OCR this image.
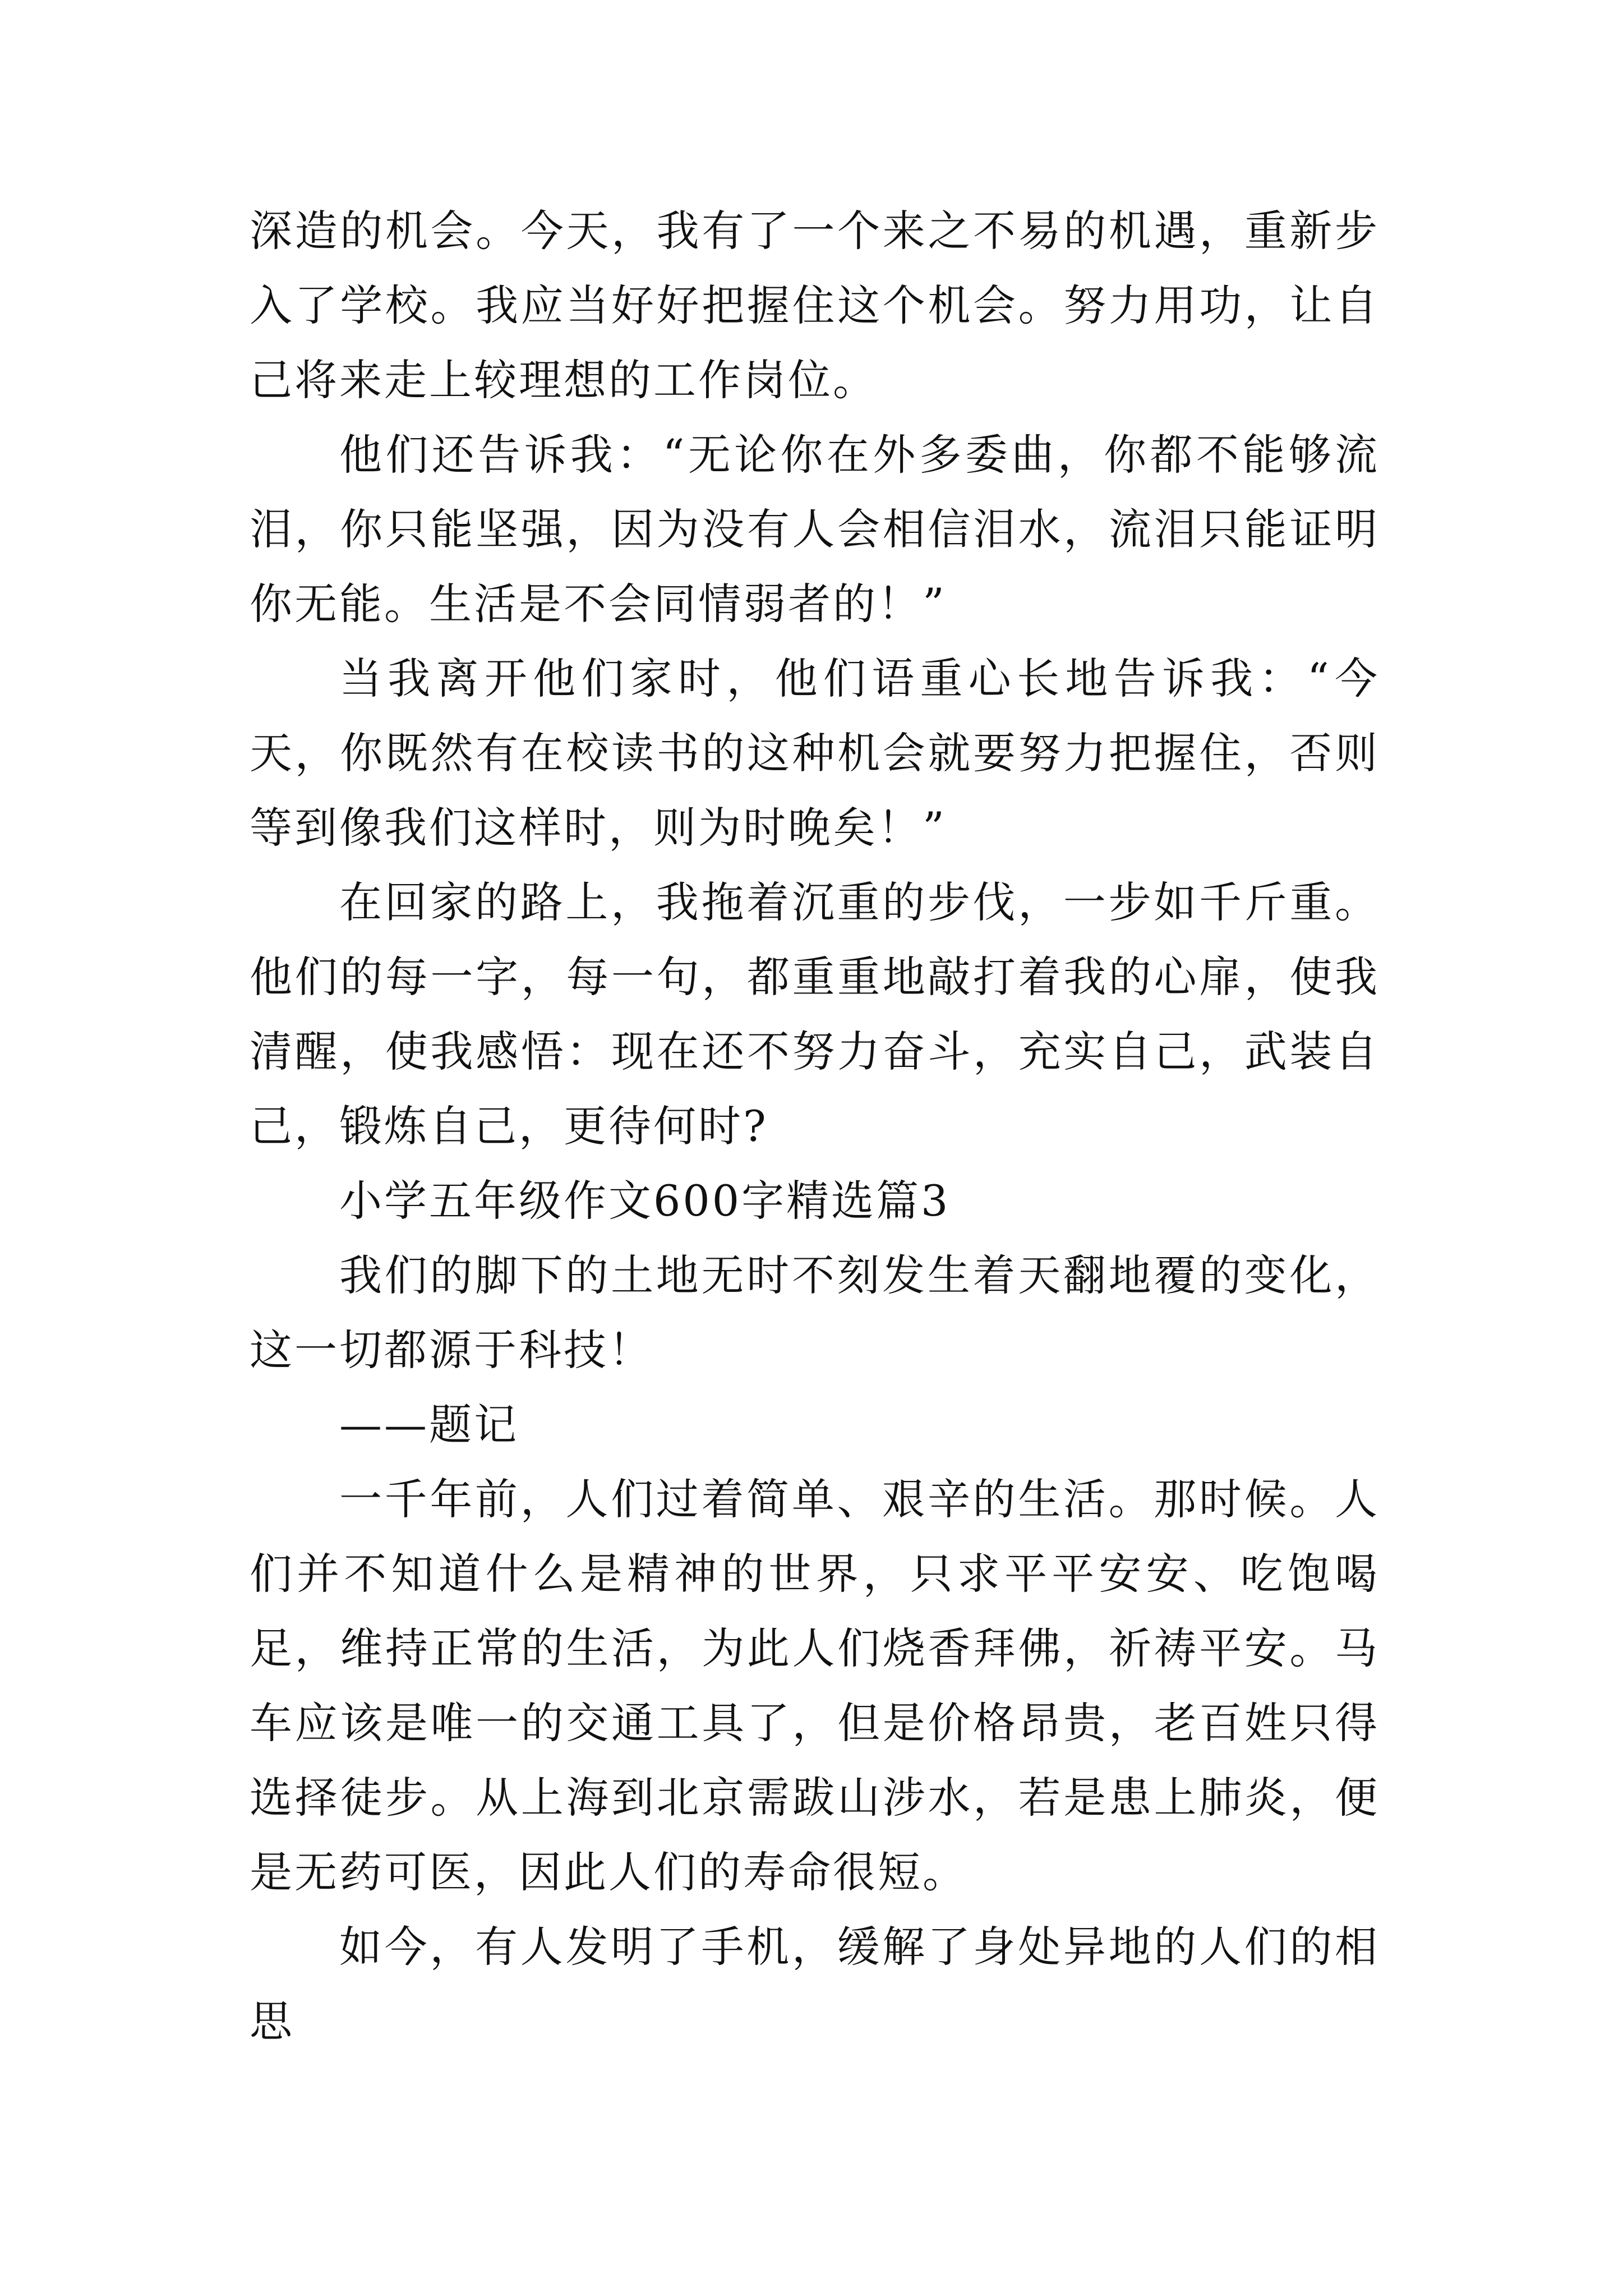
深造的机会。今天，我有了一个来之不易的机遇，重新步入了学校。我应当好好把握住这个机会。努力用功，让自己将来走上较理想的工作岗位。

他们还告诉我：“无论你在外多委曲，你都不能够流泪，你只能坚强，因为没有人会相信泪水，流泪只能证明你无能。生活是不会同情弱者的！”

当我离开他们家时，他们语重心长地告诉我：“今天，你既然有在校读书的这种机会就要努力把握住，否则等到像我们这样时，则为时晚矣！”

在回家的路上，我拖着沉重的步伐，一步如千斤重。他们的每一字，每一句，都重重地敲打着我的心扉，使我清醒，使我感悟：现在还不努力奋斗，充实自己，武装自己，锻炼自己，更待何时?

小学五年级作文600字精选篇3

我们的脚下的土地无时不刻发生着天翻地覆的变化，这一切都源于科技！

——题记

一千年前，人们过着简单、艰辛的生活。那时候。人们并不知道什么是精神的世界，只求平平安安、吃饱喝足，维持正常的生活，为此人们烧香拜佛，祈祷平安。马车应该是唯一的交通工具了，但是价格昂贵，老百姓只得选择徒步。从上海到北京需跋山涉水，若是患上肺炎，便是无药可医，因此人们的寿命很短。

如今，有人发明了手机，缓解了身处异地的人们的相思
